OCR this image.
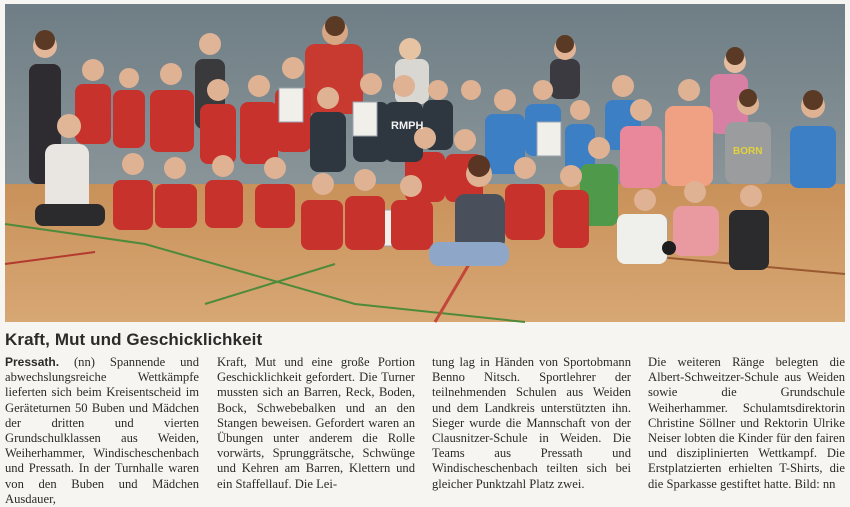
RMPH
BORN
Kraft, Mut und Geschicklichkeit
Pressath. (nn) Spannende und abwechslungsreiche Wettkämpfe lieferten sich beim Kreisentscheid im Geräteturnen 50 Buben und Mädchen der dritten und vierten Grundschulklassen aus Weiden, Weiherhammer, Windischeschenbach und Pressath. In der Turnhalle waren von den Buben und Mädchen Ausdauer,
Kraft, Mut und eine große Portion Geschicklichkeit gefordert. Die Turner mussten sich an Barren, Reck, Boden, Bock, Schwebebalken und an den Stangen beweisen. Gefordert waren an Übungen unter anderem die Rolle vorwärts, Sprunggrätsche, Schwünge und Kehren am Barren, Klettern und ein Staffellauf. Die Lei-
tung lag in Händen von Sportobmann Benno Nitsch. Sportlehrer der teilnehmenden Schulen aus Weiden und dem Landkreis unterstützten ihn. Sieger wurde die Mannschaft von der Clausnitzer-Schule in Weiden. Die Teams aus Pressath und Windischeschenbach teilten sich bei gleicher Punktzahl Platz zwei.
Die weiteren Ränge belegten die Albert-Schweitzer-Schule aus Weiden sowie die Grundschule Weiherhammer. Schulamtsdirektorin Christine Söllner und Rektorin Ulrike Neiser lobten die Kinder für den fairen und disziplinierten Wettkampf. Die Erstplatzierten erhielten T-Shirts, die die Sparkasse gestiftet hatte. Bild: nn
